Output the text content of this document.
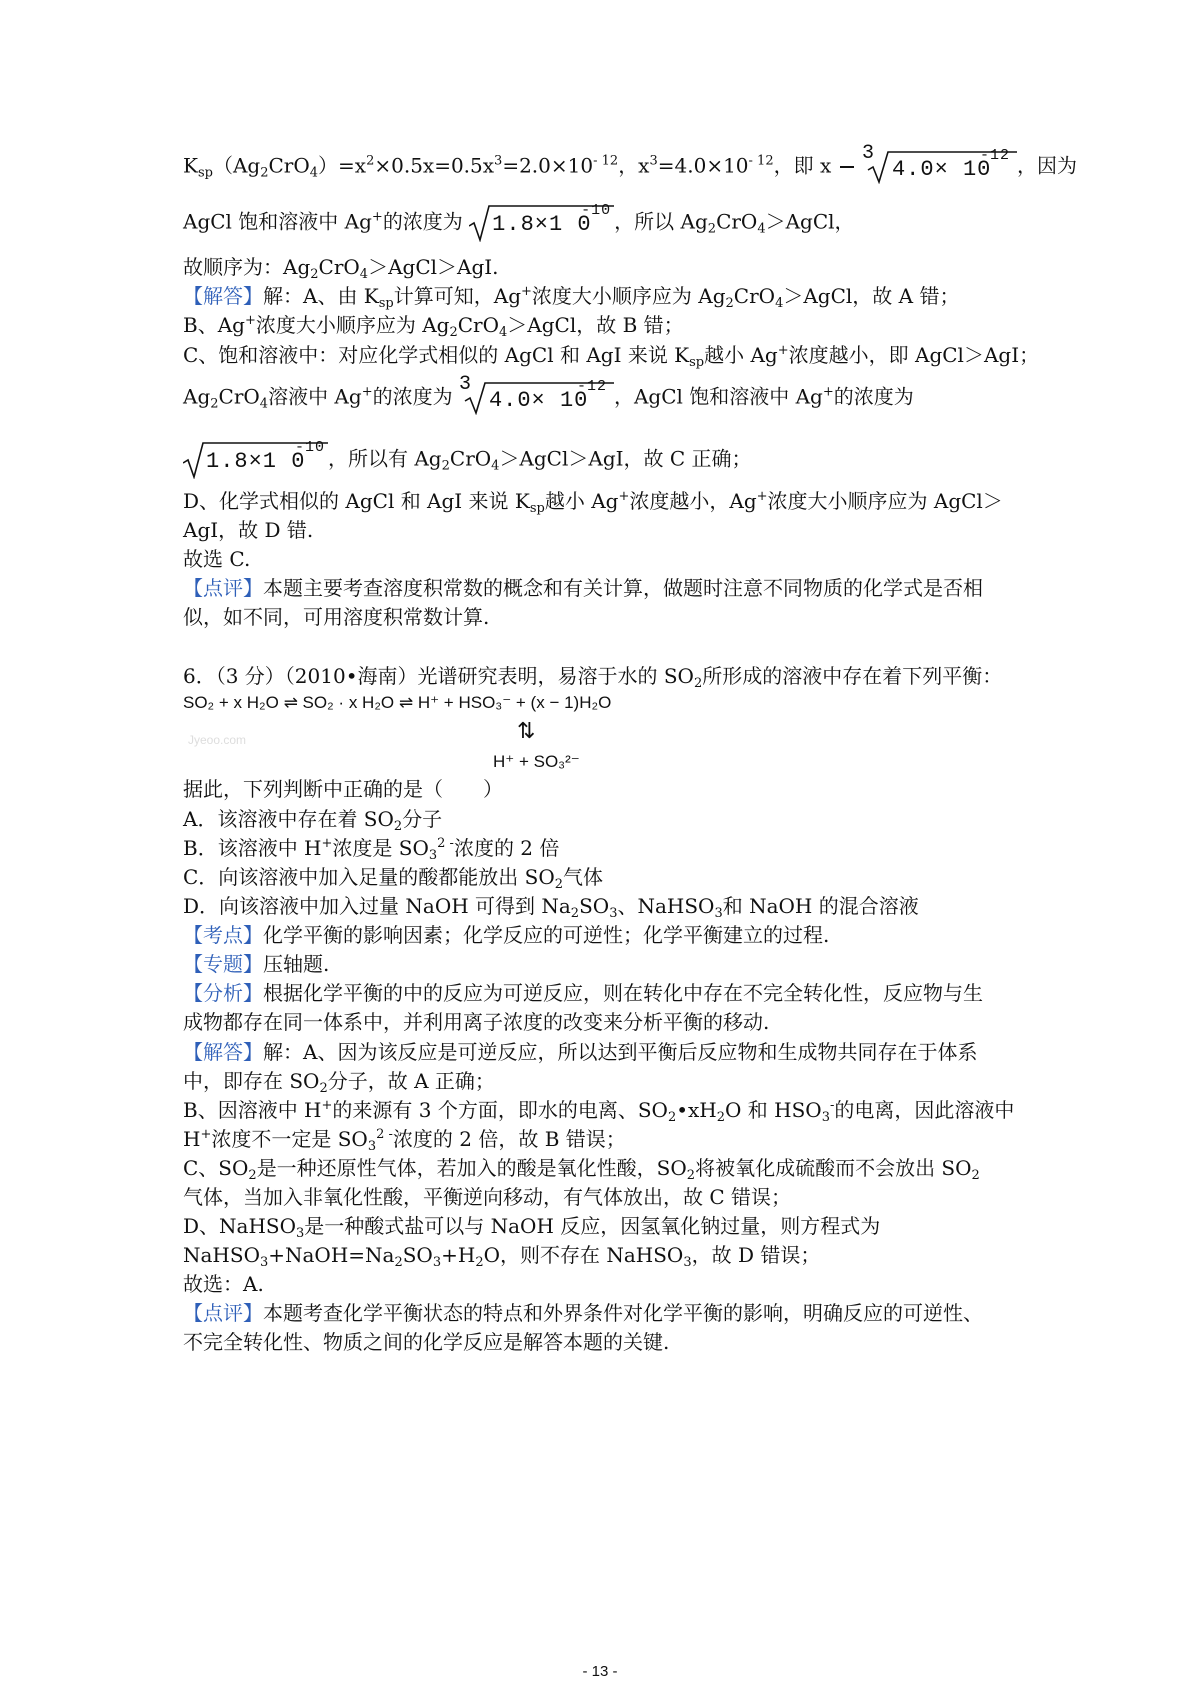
$K_{sp}(Ag_2CrO_4)=x^2\times 0.5x=0.5x^3=2.0\times 10^{- 12}$，$x^3=4.0\times 10^{- 12}$，即 x 3
4.0× 10
-12 ，因为
AgCl 饱和溶液中 Ag+的浓度为 1.8×1 0
-10 ，所以 $Ag_2CrO_4>AgCl$，
故顺序为：$Ag_2CrO_4>AgCl>AgI$.
【解答】解：A、由 $K_{sp}$计算可知，Ag+浓度大小顺序应为 $Ag_2CrO_4>AgCl$，故 A 错；
B、Ag+浓度大小顺序应为 $Ag_2CrO_4>AgCl$，故 B 错；
C、饱和溶液中：对应化学式相似的 AgCl 和 AgI 来说 $K_{sp}$越小 Ag+浓度越小，即 AgCl＞AgI；
$Ag_2CrO_4$溶液中 Ag+的浓度为 3
4.0× 10
-12 ，AgCl 饱和溶液中 Ag+的浓度为
1.8×1 0
-10 ，所以有 $Ag_2CrO_4>AgCl>AgI$，故 C 正确；
D、化学式相似的 AgCl 和 AgI 来说 $K_{sp}$越小 Ag+浓度越小，Ag+浓度大小顺序应为 AgCl＞
AgI，故 D 错.
故选 C.
【点评】本题主要考查溶度积常数的概念和有关计算，做题时注意不同物质的化学式是否相
似，如不同，可用溶度积常数计算.
6．（3 分）（2010•海南）光谱研究表明，易溶于水的 $SO_2$所形成的溶液中存在着下列平衡：
SO₂ + x H₂O ⇌ SO₂ · x H₂O ⇌ H⁺ + HSO₃⁻ + (x − 1)H₂O
Jyeoo.com	⇅
H⁺ + SO₃²⁻
据此，下列判断中正确的是（　　）
A．该溶液中存在着 $SO_2$分子
B．该溶液中 H+浓度是 $SO_3^{2 -}$浓度的 2 倍
C．向该溶液中加入足量的酸都能放出 $SO_2$气体
D．向该溶液中加入过量 NaOH 可得到 $Na_2SO_3$、NaHSO$_3$和 NaOH 的混合溶液
【考点】化学平衡的影响因素；化学反应的可逆性；化学平衡建立的过程.
【专题】压轴题.
【分析】根据化学平衡的中的反应为可逆反应，则在转化中存在不完全转化性，反应物与生
成物都存在同一体系中，并利用离子浓度的改变来分析平衡的移动.
【解答】解：A、因为该反应是可逆反应，所以达到平衡后反应物和生成物共同存在于体系
中，即存在 $SO_2$分子，故 A 正确；
B、因溶液中 H+的来源有 3 个方面，即水的电离、$SO_2•xH_2O$ 和 $HSO_3^-$的电离，因此溶液中
H+浓度不一定是 $SO_3^{2 -}$浓度的 2 倍，故 B 错误；
C、$SO_2$是一种还原性气体，若加入的酸是氧化性酸，$SO_2$将被氧化成硫酸而不会放出 $SO_2$
气体，当加入非氧化性酸，平衡逆向移动，有气体放出，故 C 错误；
D、NaHSO$_3$是一种酸式盐可以与 NaOH 反应，因氢氧化钠过量，则方程式为
$NaHSO_3+NaOH=Na_2SO_3+H_2O$，则不存在 NaHSO$_3$，故 D 错误；
故选：A.
【点评】本题考查化学平衡状态的特点和外界条件对化学平衡的影响，明确反应的可逆性、
不完全转化性、物质之间的化学反应是解答本题的关键.
- 13 -
